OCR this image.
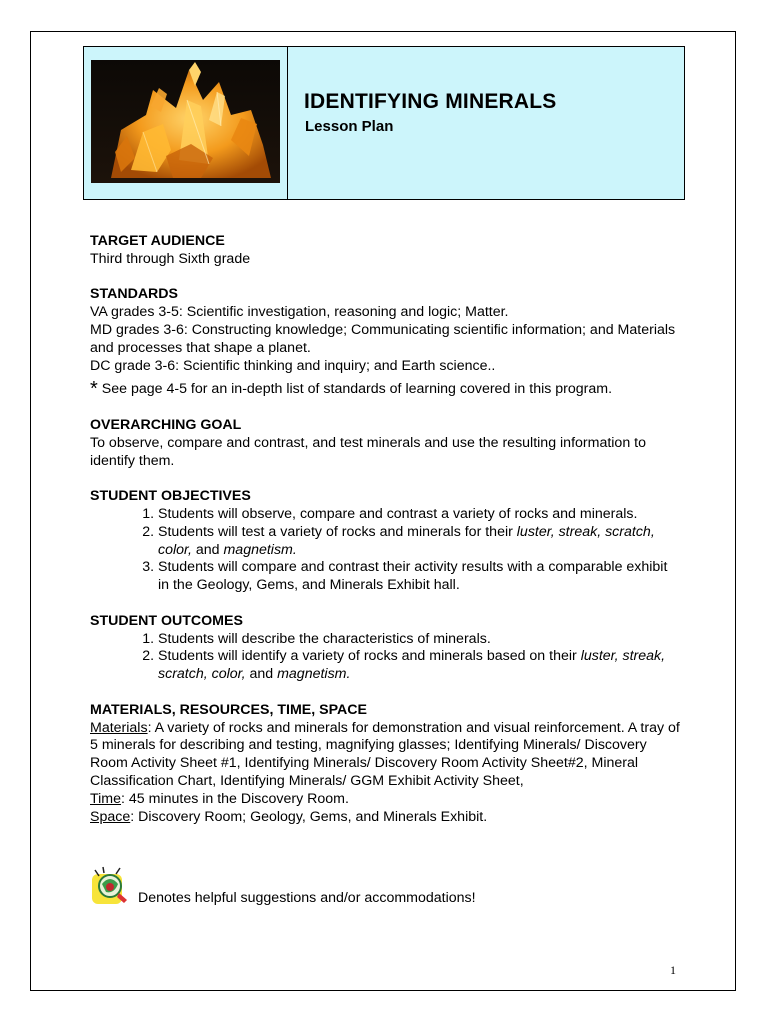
IDENTIFYING MINERALS
Lesson Plan
TARGET AUDIENCE
Third through Sixth grade
STANDARDS
VA grades 3-5: Scientific investigation, reasoning and logic; Matter.
MD grades 3-6: Constructing knowledge; Communicating scientific information; and Materials and processes that shape a planet.
DC grade 3-6: Scientific thinking and inquiry; and Earth science..
* See page 4-5 for an in-depth list of standards of learning covered in this program.
OVERARCHING GOAL
To observe, compare and contrast, and test minerals and use the resulting information to identify them.
STUDENT OBJECTIVES
1. Students will observe, compare and contrast a variety of rocks and minerals.
2. Students will test a variety of rocks and minerals for their luster, streak, scratch, color, and magnetism.
3. Students will compare and contrast their activity results with a comparable exhibit in the Geology, Gems, and Minerals Exhibit hall.
STUDENT OUTCOMES
1. Students will describe the characteristics of minerals.
2. Students will identify a variety of rocks and minerals based on their luster, streak, scratch, color, and magnetism.
MATERIALS, RESOURCES, TIME, SPACE
Materials: A variety of rocks and minerals for demonstration and visual reinforcement. A tray of 5 minerals for describing and testing, magnifying glasses; Identifying Minerals/ Discovery Room Activity Sheet #1, Identifying Minerals/ Discovery Room Activity Sheet#2, Mineral Classification Chart, Identifying Minerals/ GGM Exhibit Activity Sheet,
Time: 45 minutes in the Discovery Room.
Space: Discovery Room; Geology, Gems, and Minerals Exhibit.
Denotes helpful suggestions and/or accommodations!
1
